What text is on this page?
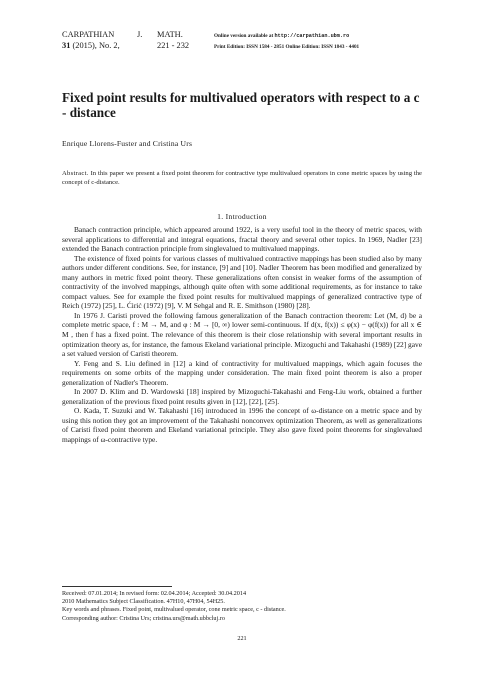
CARPATHIAN	J.	MATH.
31 (2015), No. 2,	221 - 232
Online version available at http://carpathian.ubm.ro
Print Edition: ISSN 1584 - 2851 Online Edition: ISSN 1843 - 4401
Fixed point results for multivalued operators with respect to a c - distance
Enrique Llorens-Fuster and Cristina Urs
Abstract. In this paper we present a fixed point theorem for contractive type multivalued operators in cone metric spaces by using the concept of c-distance.
1. Introduction

Banach contraction principle, which appeared around 1922, is a very useful tool in the theory of metric spaces, with several applications to differential and integral equations, fractal theory and several other topics. In 1969, Nadler [23] extended the Banach contraction principle from singlevalued to multivalued mappings.

The existence of fixed points for various classes of multivalued contractive mappings has been studied also by many authors under different conditions. See, for instance, [9] and [10]. Nadler Theorem has been modified and generalized by many authors in metric fixed point theory. These generalizations often consist in weaker forms of the assumption of contractivity of the involved mappings, although quite often with some additional requirements, as for instance to take compact values. See for example the fixed point results for multivalued mappings of generalized contractive type of Reich (1972) [25], L. Ćirić (1972) [9], V. M Sehgal and R. E. Smithson (1980) [28].

In 1976 J. Caristi proved the following famous generalization of the Banach contraction theorem: Let (M, d) be a complete metric space, f : M → M, and φ : M → [0, ∞) lower semi-continuous. If d(x, f(x)) ≤ φ(x) − φ(f(x)) for all x ∈ M , then f has a fixed point. The relevance of this theorem is their close relationship with several important results in optimization theory as, for instance, the famous Ekeland variational principle. Mizoguchi and Takahashi (1989) [22] gave a set valued version of Caristi theorem.

Y. Feng and S. Liu defined in [12] a kind of contractivity for multivalued mappings, which again focuses the requirements on some orbits of the mapping under consideration. The main fixed point theorem is also a proper generalization of Nadler's Theorem.

In 2007 D. Klim and D. Wardowski [18] inspired by Mizoguchi-Takahashi and Feng-Liu work, obtained a further generalization of the previous fixed point results given in [12], [22], [25].

O. Kada, T. Suzuki and W. Takahashi [16] introduced in 1996 the concept of ω-distance on a metric space and by using this notion they got an improvement of the Takahashi nonconvex optimization Theorem, as well as generalizations of Caristi fixed point theorem and Ekeland variational principle. They also gave fixed point theorems for singlevalued mappings of ω-contractive type.

Received: 07.01.2014; In revised form: 02.04.2014; Accepted: 30.04.2014
2010 Mathematics Subject Classification. 47H10, 47H04, 54H25.
Key words and phrases. Fixed point, multivalued operator, cone metric space, c - distance.
Corresponding author: Cristina Urs; cristina.urs@math.ubbcluj.ro
221
